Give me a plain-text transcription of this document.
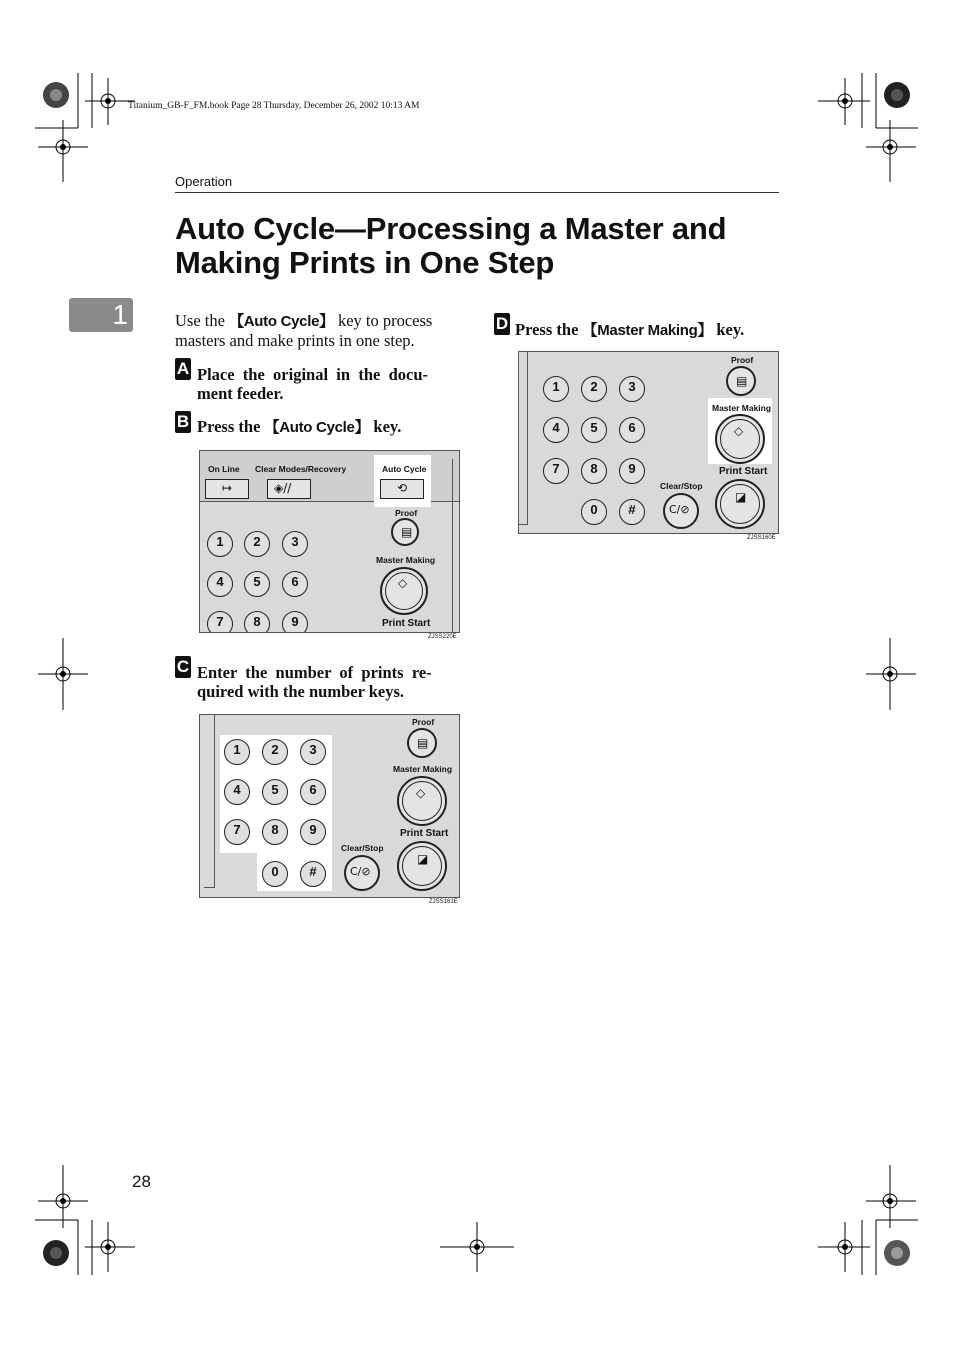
Titanium_GB-F_FM.book Page 28 Thursday, December 26, 2002 10:13 AM
Operation
Auto Cycle—Processing a Master and
Making Prints in One Step
1	Use the 【Auto Cycle】 key to process
masters and make prints in one step.
A Place  the  original  in  the  docu-
ment feeder.
B Press the 【Auto Cycle】 key.
On Line Clear Modes/Recovery	Auto Cycle
↦	◈//	⟲
1	2	3
4	5	6
7	8	9
Proof
▤
Master Making
◇
Print Start
ZJSS220E
C Enter  the  number  of  prints  re-
quired with the number keys.
1	2	3
4	5	6
7	8	9
0	#
Clear/Stop
C/⊘
Proof
▤
Master Making
◇
Print Start
◪
ZJSS161E
D Press the 【Master Making】 key.
1	2	3
4	5	6
7	8	9
0	#
Clear/Stop
C/⊘
Proof
▤
Master Making
◇
Print Start
◪
ZJSS160E
28
